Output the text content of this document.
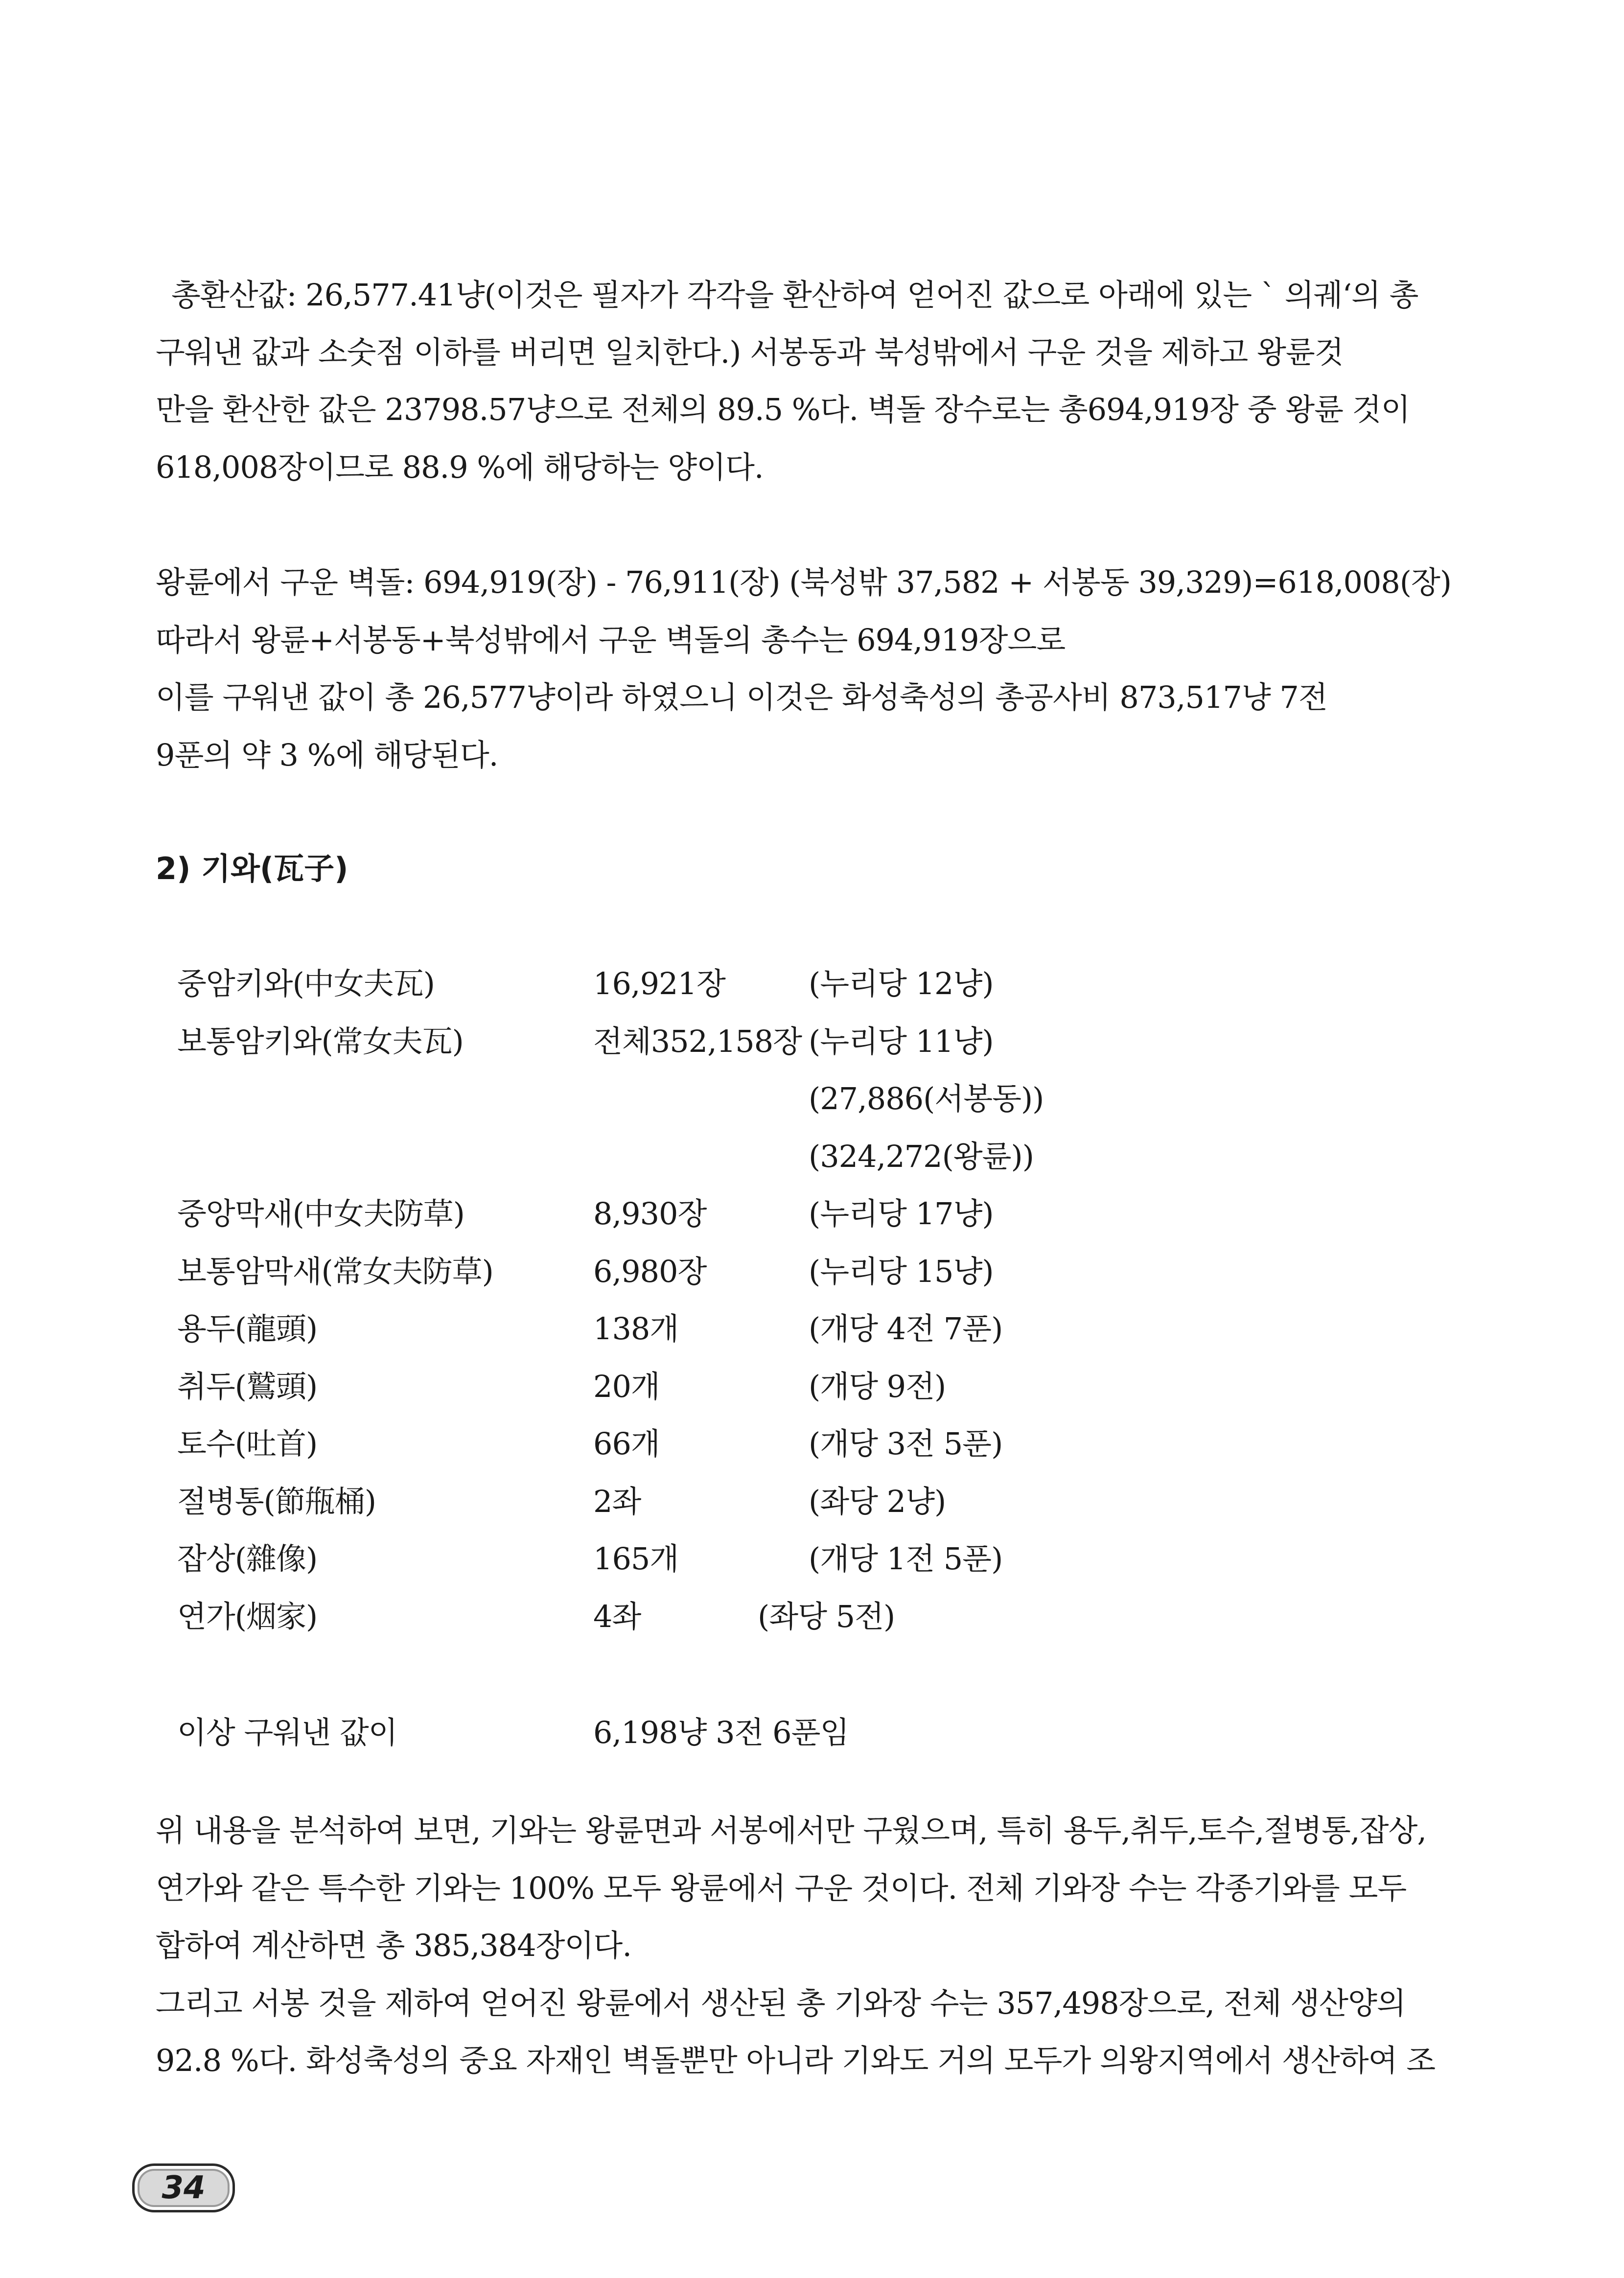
총환산값: 26,577.41냥(이것은 필자가 각각을 환산하여 얻어진 값으로 아래에 있는 ` 의궤‘의 총
구워낸 값과 소숫점 이하를 버리면 일치한다.) 서봉동과 북성밖에서 구운 것을 제하고 왕륜것
만을 환산한 값은 23798.57냥으로 전체의 89.5 %다. 벽돌 장수로는 총694,919장 중 왕륜 것이
618,008장이므로 88.9 %에 해당하는 양이다.
왕륜에서 구운 벽돌: 694,919(장) - 76,911(장) (북성밖 37,582 + 서봉동 39,329)=618,008(장)
따라서 왕륜+서봉동+북성밖에서 구운 벽돌의 총수는 694,919장으로
이를 구워낸 값이 총 26,577냥이라 하였으니 이것은 화성축성의 총공사비 873,517냥 7전
9푼의 약 3 %에 해당된다.
2) 기와(瓦子)
중암키와(中女夫瓦)	16,921장	(누리당 12냥)
보통암키와(常女夫瓦)	전체352,158장 (누리당 11냥)
(27,886(서봉동))
(324,272(왕륜))
중앙막새(中女夫防草)	8,930장	(누리당 17냥)
보통암막새(常女夫防草)	6,980장	(누리당 15냥)
용두(龍頭)	138개	(개당 4전 7푼)
취두(鷲頭)	20개	(개당 9전)
토수(吐首)	66개	(개당 3전 5푼)
절병통(節甁桶)	2좌	(좌당 2냥)
잡상(雜像)	165개	(개당 1전 5푼)
연가(烟家)	4좌	(좌당 5전)
이상 구워낸 값이	6,198냥 3전 6푼임
위 내용을 분석하여 보면, 기와는 왕륜면과 서봉에서만 구웠으며, 특히 용두,취두,토수,절병통,잡상,
연가와 같은 특수한 기와는 100% 모두 왕륜에서 구운 것이다. 전체 기와장 수는 각종기와를 모두
합하여 계산하면 총 385,384장이다.
그리고 서봉 것을 제하여 얻어진 왕륜에서 생산된 총 기와장 수는 357,498장으로, 전체 생산양의
92.8 %다. 화성축성의 중요 자재인 벽돌뿐만 아니라 기와도 거의 모두가 의왕지역에서 생산하여 조
34
